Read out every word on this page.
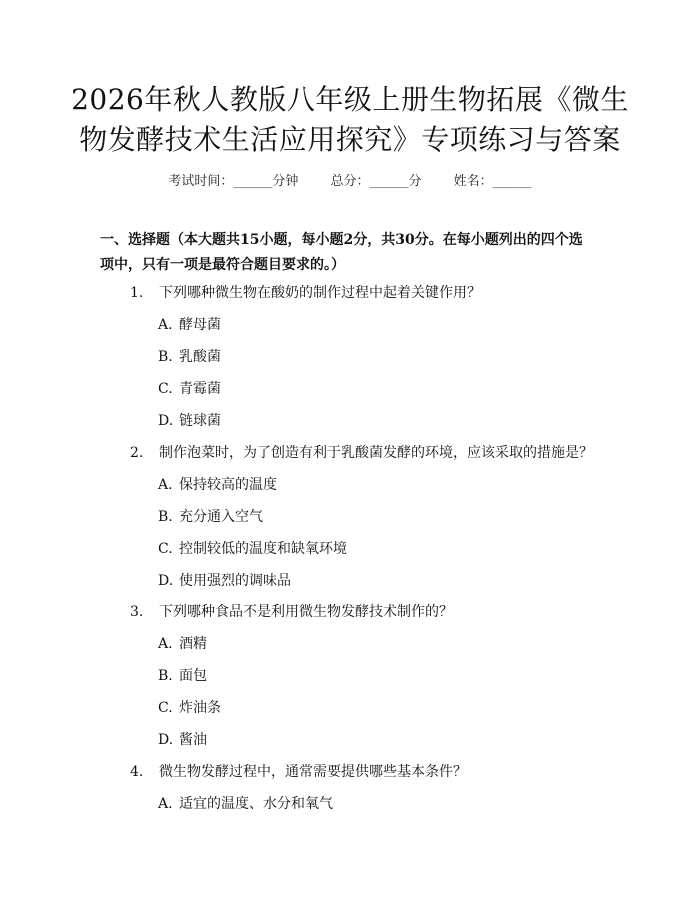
2026年秋人教版八年级上册生物拓展《微生
物发酵技术生活应用探究》专项练习与答案
考试时间：______分钟 总分：______分 姓名：______
一、选择题（本大题共15小题，每小题2分，共30分。在每小题列出的四个选
项中，只有一项是最符合题目要求的。）
1. 下列哪种微生物在酸奶的制作过程中起着关键作用？
A. 酵母菌
B. 乳酸菌
C. 青霉菌
D. 链球菌
2. 制作泡菜时，为了创造有利于乳酸菌发酵的环境，应该采取的措施是？
A. 保持较高的温度
B. 充分通入空气
C. 控制较低的温度和缺氧环境
D. 使用强烈的调味品
3. 下列哪种食品不是利用微生物发酵技术制作的？
A. 酒精
B. 面包
C. 炸油条
D. 酱油
4. 微生物发酵过程中，通常需要提供哪些基本条件？
A. 适宜的温度、水分和氧气
